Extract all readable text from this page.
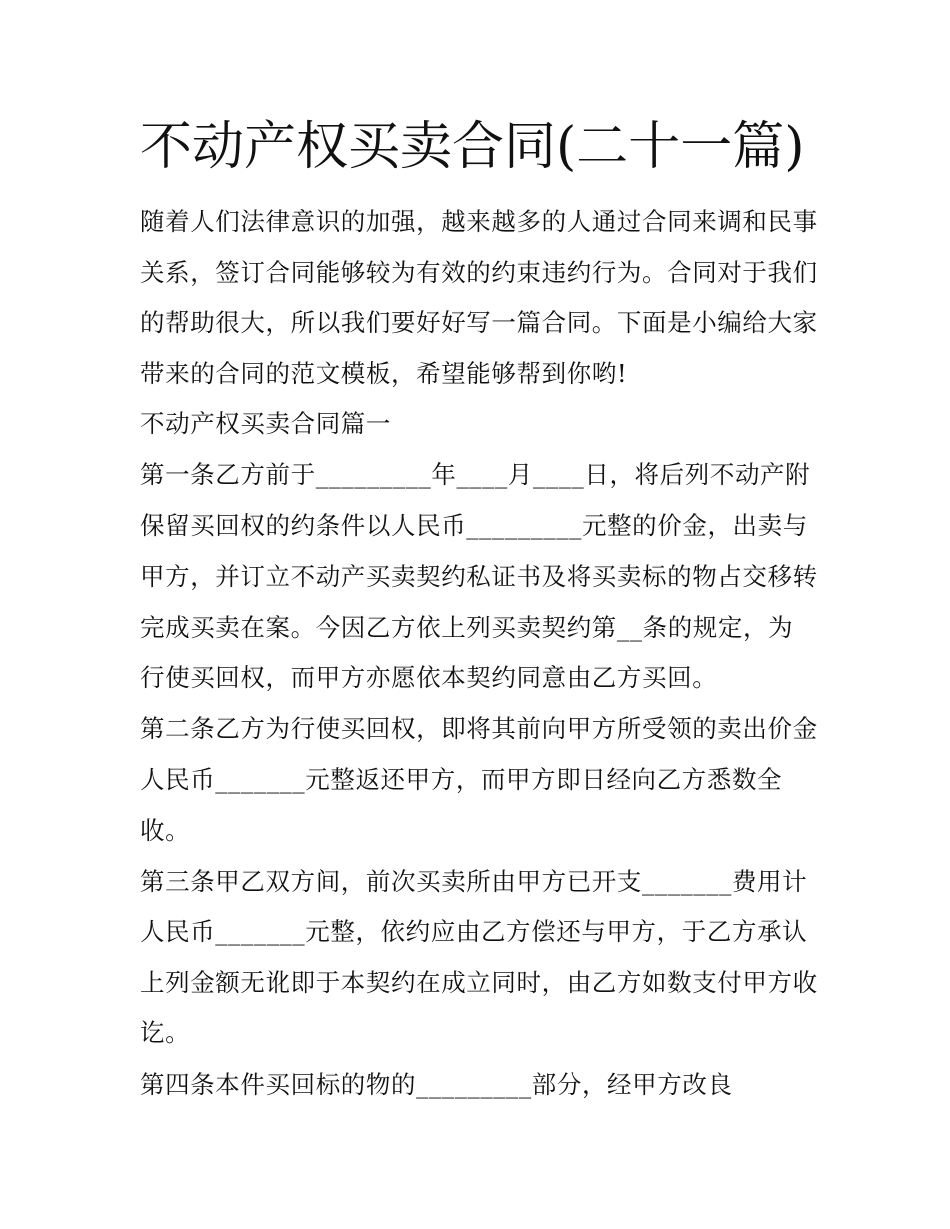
不动产权买卖合同(二十一篇)

随着人们法律意识的加强，越来越多的人通过合同来调和民事

关系，签订合同能够较为有效的约束违约行为。合同对于我们

的帮助很大，所以我们要好好写一篇合同。下面是小编给大家

带来的合同的范文模板，希望能够帮到你哟!

不动产权买卖合同篇一

第一条乙方前于_________年____月____日，将后列不动产附

保留买回权的约条件以人民币_________元整的价金，出卖与

甲方，并订立不动产买卖契约私证书及将买卖标的物占交移转

完成买卖在案。今因乙方依上列买卖契约第__条的规定，为

行使买回权，而甲方亦愿依本契约同意由乙方买回。

第二条乙方为行使买回权，即将其前向甲方所受领的卖出价金

人民币_______元整返还甲方，而甲方即日经向乙方悉数全

收。

第三条甲乙双方间，前次买卖所由甲方已开支_______费用计

人民币_______元整，依约应由乙方偿还与甲方，于乙方承认

上列金额无讹即于本契约在成立同时，由乙方如数支付甲方收

讫。

第四条本件买回标的物的_________部分，经甲方改良
